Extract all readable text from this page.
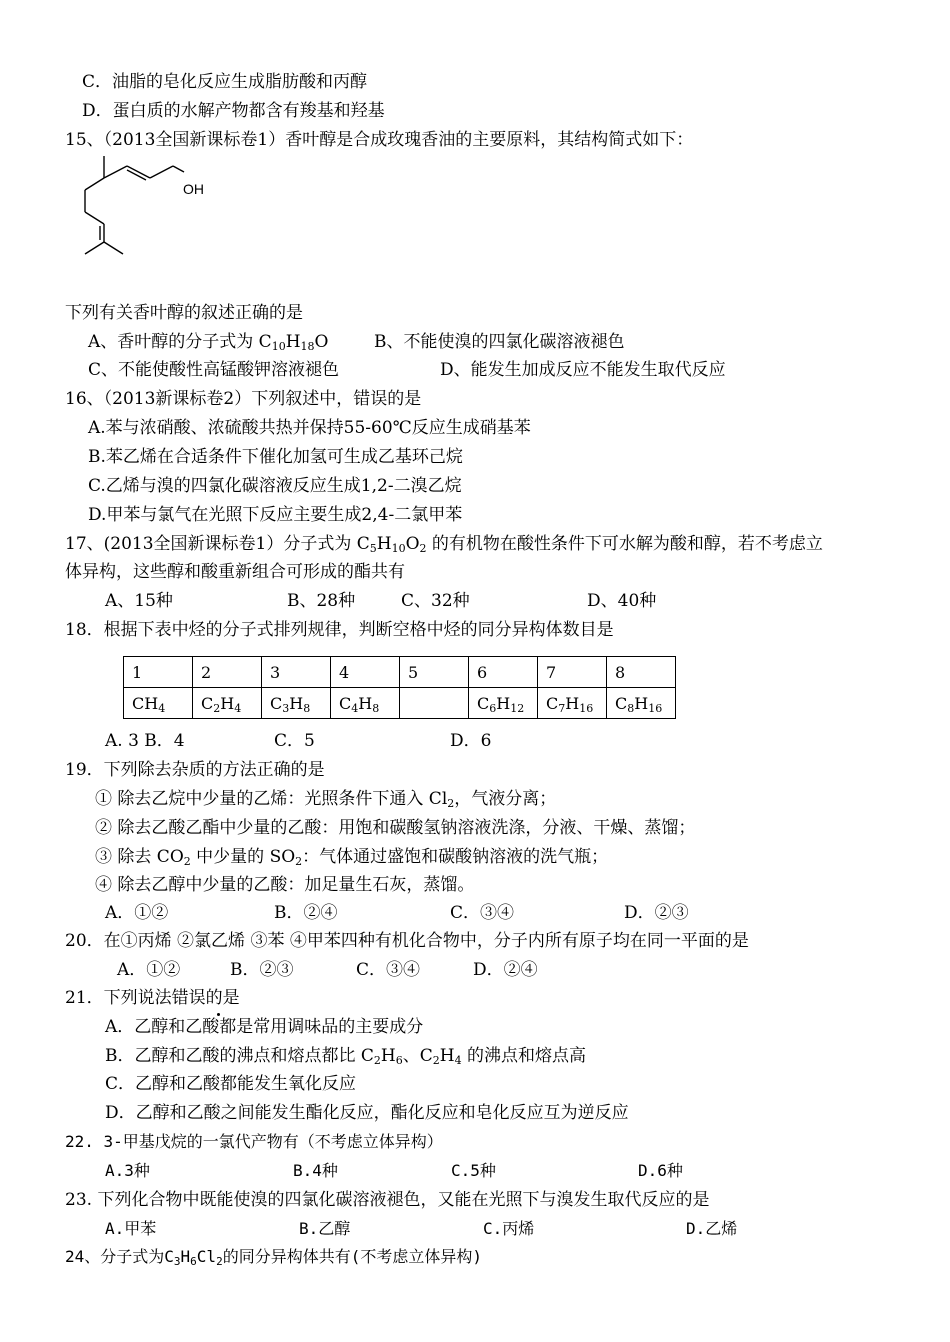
C．油脂的皂化反应生成脂肪酸和丙醇
D．蛋白质的水解产物都含有羧基和羟基
15、（2013全国新课标卷1）香叶醇是合成玫瑰香油的主要原料，其结构简式如下：
OH
下列有关香叶醇的叙述正确的是
A、香叶醇的分子式为 $C_{10}H_{18}O$	B、不能使溴的四氯化碳溶液褪色
C、不能使酸性高锰酸钾溶液褪色	D、能发生加成反应不能发生取代反应
16、（2013新课标卷2）下列叙述中，错误的是
A.苯与浓硝酸、浓硫酸共热并保持55-60℃反应生成硝基苯
B.苯乙烯在合适条件下催化加氢可生成乙基环己烷
C.乙烯与溴的四氯化碳溶液反应生成1,2-二溴乙烷
D.甲苯与氯气在光照下反应主要生成2,4-二氯甲苯
17、(2013全国新课标卷1）分子式为 $C_5H_{10}O_2$ 的有机物在酸性条件下可水解为酸和醇，若不考虑立
体异构，这些醇和酸重新组合可形成的酯共有
A、15种	B、28种	C、32种	D、40种
18．根据下表中烃的分子式排列规律，判断空格中烃的同分异构体数目是
1	2	3	4	5	6	7	8
$CH_4$	$C_2H_4$	$C_3H_8$	$C_4H_8$		$C_6H_{12}$	$C_7H_{16}$	$C_8H_{16}$
A. 3 B．4	C．5	D．6
19．下列除去杂质的方法正确的是
① 除去乙烷中少量的乙烯：光照条件下通入 $Cl_2$，气液分离；
② 除去乙酸乙酯中少量的乙酸：用饱和碳酸氢钠溶液洗涤，分液、干燥、蒸馏；
③ 除去 $CO_2$ 中少量的 $SO_2$：气体通过盛饱和碳酸钠溶液的洗气瓶；
④ 除去乙醇中少量的乙酸：加足量生石灰，蒸馏。
A．①②	B．②④	C．③④	D．②③
20．在①丙烯 ②氯乙烯 ③苯 ④甲苯四种有机化合物中，分子内所有原子均在同一平面的是
A．①②	B．②③	C．③④	D．②④
21．下列说法错误的是
A．乙醇和乙酸都是常用调味品的主要成分
B．乙醇和乙酸的沸点和熔点都比 $C_2H_6$、$C_2H_4$ 的沸点和熔点高
C．乙醇和乙酸都能发生氧化反应
D．乙醇和乙酸之间能发生酯化反应，酯化反应和皂化反应互为逆反应
22. 3-甲基戊烷的一氯代产物有（不考虑立体异构）
A.3种	B.4种	C.5种	D.6种
23. 下列化合物中既能使溴的四氯化碳溶液褪色，又能在光照下与溴发生取代反应的是
A.甲苯	B.乙醇	C.丙烯	D.乙烯
24、分子式为$C_3H_6Cl_2$的同分异构体共有(不考虑立体异构)
